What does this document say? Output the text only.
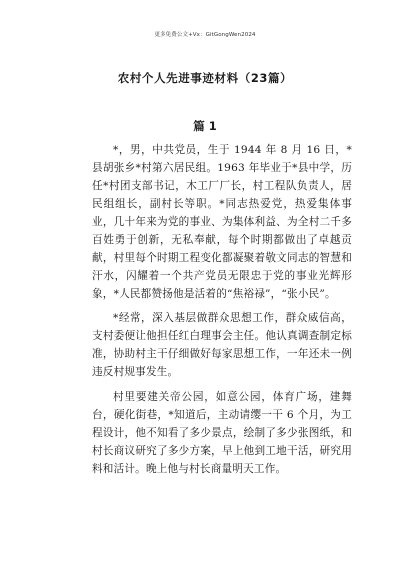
更多免费公文+Vx：GitGongWen2024
农村个人先进事迹材料（23篇）
篇 1

*，男，中共党员，生于 1944 年 8 月 16 日，*县胡张乡*村第六居民组。1963 年毕业于*县中学，历任*村团支部书记，木工厂厂长，村工程队负责人，居民组组长，副村长等职。*同志热爱党，热爱集体事业，几十年来为党的事业、为集体利益、为全村二千多百姓勇于创新，无私奉献，每个时期都做出了卓越贡献，村里每个时期工程变化都凝聚着敬文同志的智慧和汗水，闪耀着一个共产党员无限忠于党的事业光辉形象，*人民都赞扬他是活着的“焦裕禄”，“张小民”。

*经常，深入基层做群众思想工作，群众威信高，支村委便让他担任红白理事会主任。他认真调查制定标准，协助村主干仔细做好每家思想工作，一年还未一例违反村规事发生。

村里要建关帝公园，如意公园，体育广场，建舞台，硬化街巷，*知道后，主动请缨一干 6 个月，为工程设计，他不知看了多少景点，绘制了多少张图纸，和村长商议研究了多少方案，早上他到工地干活，研究用料和活计。晚上他与村长商量明天工作。
